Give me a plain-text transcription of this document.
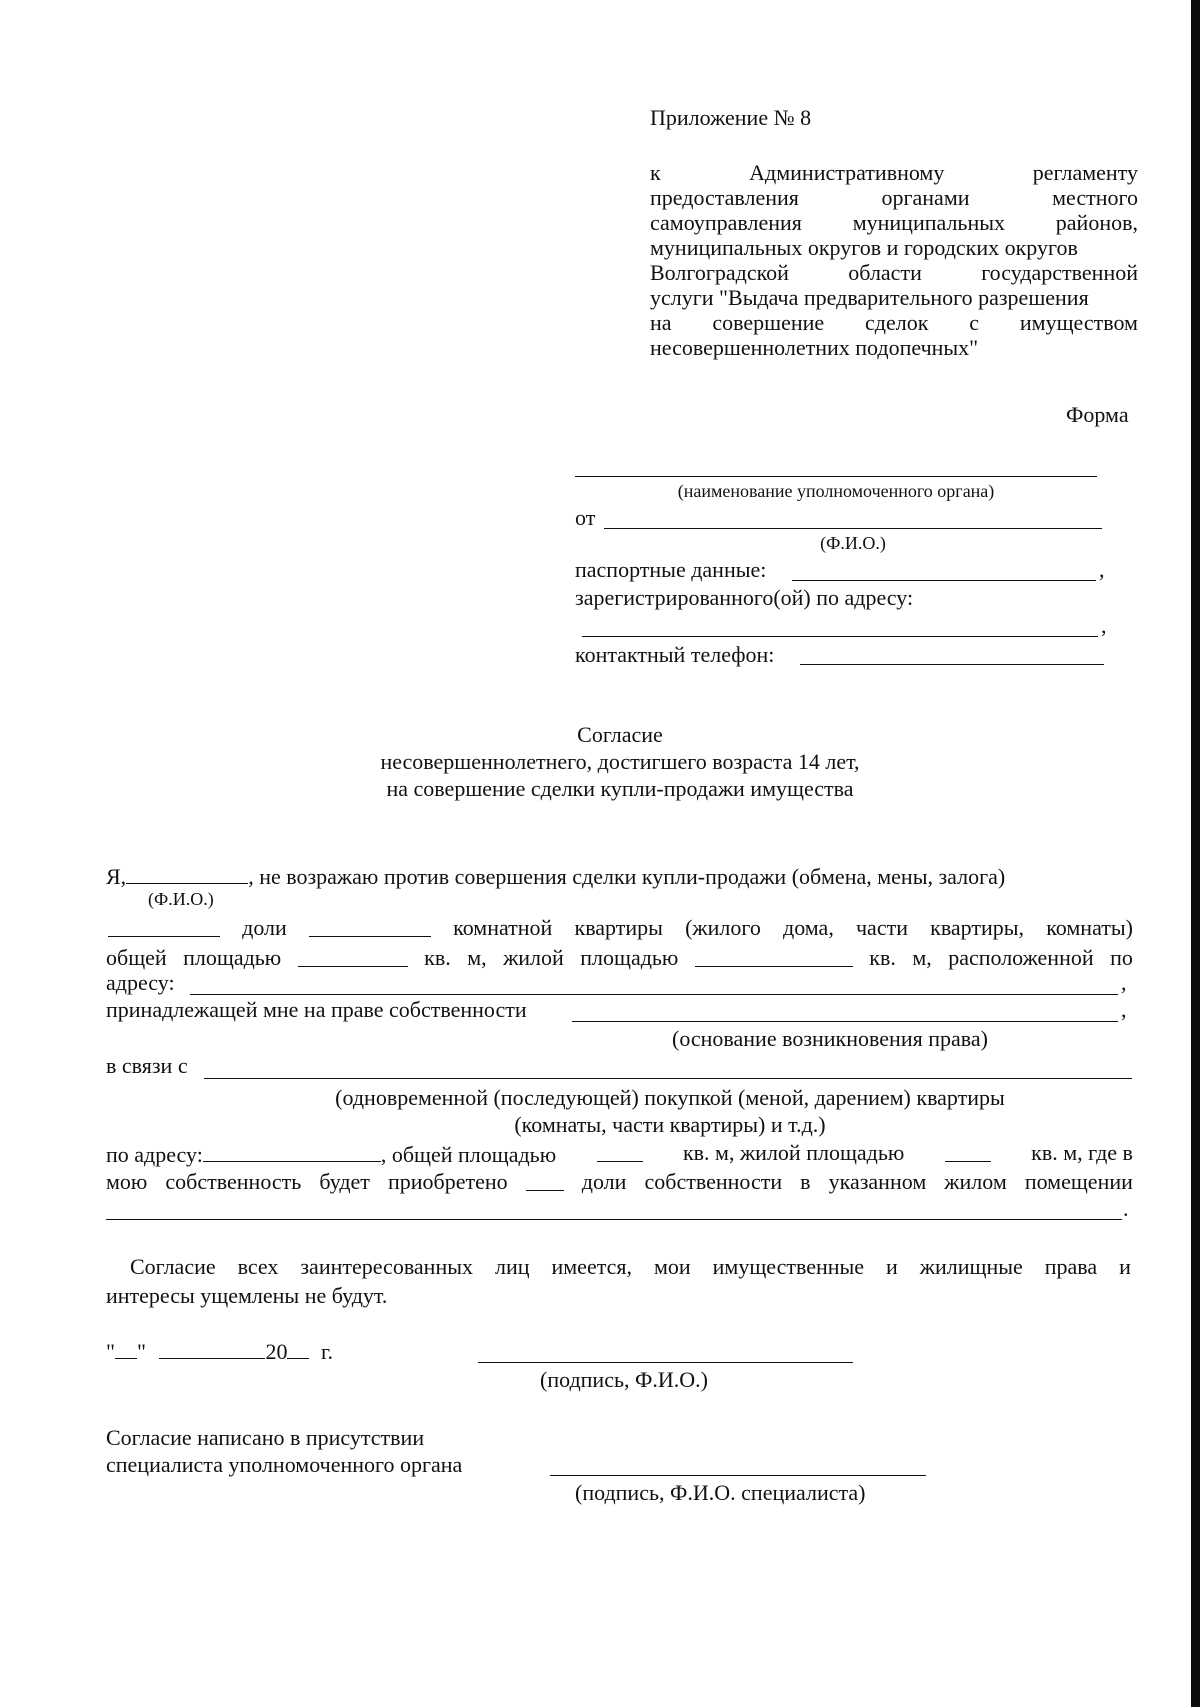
Приложение № 8
к	Административному	регламенту
предоставления	органами	местного
самоуправления муниципальных районов,
муниципальных округов и городских округов
Волгоградской	области	государственной
услуги "Выдача предварительного разрешения
на совершение сделок с имуществом
несовершеннолетних подопечных"
Форма
(наименование уполномоченного органа)
от
(Ф.И.О.)
паспортные данные:	,
зарегистрированного(ой) по адресу:
,
контактный телефон:
Согласие
несовершеннолетнего, достигшего возраста 14 лет,
на совершение сделки купли-продажи имущества
Я,	, не возражаю против совершения сделки купли-продажи (обмена, мены, залога)
(Ф.И.О.)
доли	комнатной квартиры (жилого дома, части квартиры, комнаты)
общей площадью	кв. м, жилой площадью	кв. м, расположенной по
адресу:	,
принадлежащей мне на праве собственности	,
(основание возникновения права)
в связи с
(одновременной (последующей) покупкой (меной, дарением) квартиры
(комнаты, части квартиры) и т.д.)
по адресу:	, общей площадью	кв. м, жилой площадью	кв. м, где в
мою собственность будет приобретено	доли собственности в указанном жилом помещении
.
Согласие всех заинтересованных лиц имеется, мои имущественные и жилищные права и
интересы ущемлены не будут.
" "	20 г.
(подпись, Ф.И.О.)
Согласие написано в присутствии
специалиста уполномоченного органа
(подпись, Ф.И.О. специалиста)
